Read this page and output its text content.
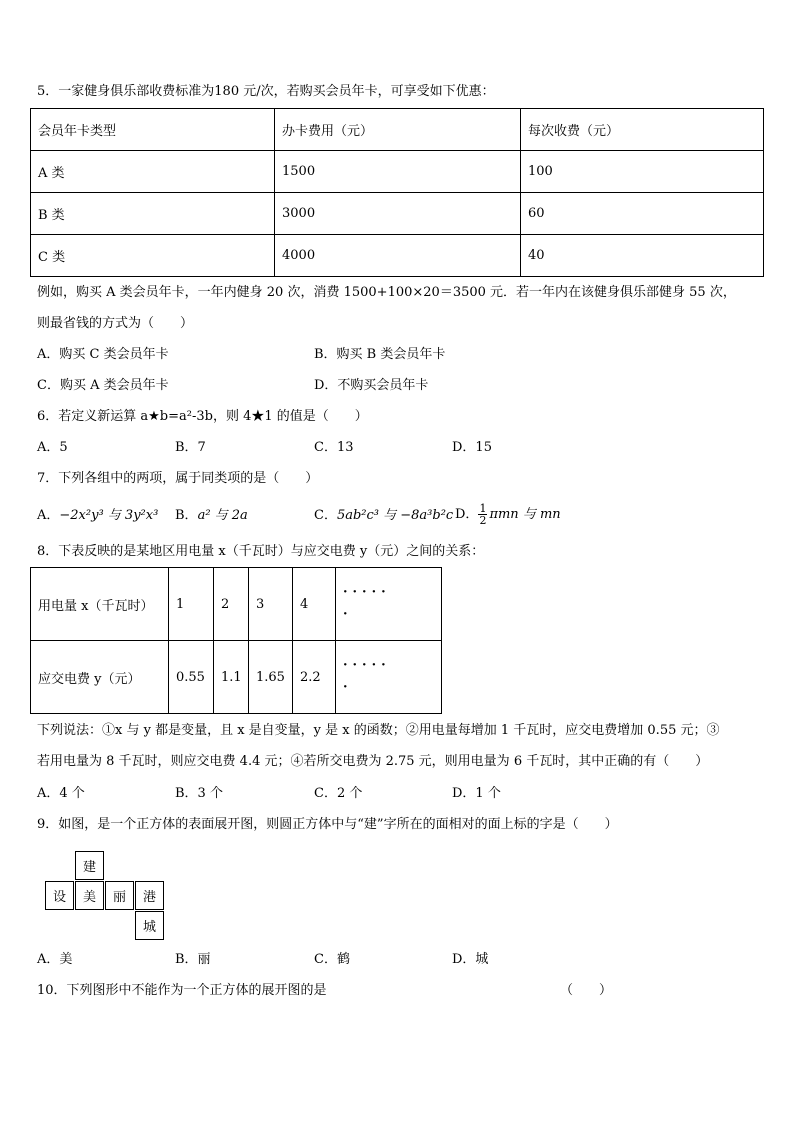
5．一家健身俱乐部收费标准为180 元/次，若购买会员年卡，可享受如下优惠：
会员年卡类型	办卡费用（元）	每次收费（元）
A 类	1500	100
B 类	3000	60
C 类	4000	40
例如，购买 A 类会员年卡，一年内健身 20 次，消费 1500+100×20＝3500 元．若一年内在该健身俱乐部健身 55 次，
则最省钱的方式为（　　）
A．购买 C 类会员年卡	B．购买 B 类会员年卡
C．购买 A 类会员年卡	D．不购买会员年卡
6．若定义新运算 a★b=a²-3b，则 4★1 的值是（　　）
A．5	B．7	C．13	D．15
7．下列各组中的两项，属于同类项的是（　　）
A．−2x²y³ 与 3y²x³ B．a² 与 2a	C．5ab²c³ 与 −8a³b²c D． $\frac{1}{2}$ πmn 与 mn
8．下表反映的是某地区用电量 x（千瓦时）与应交电费 y（元）之间的关系：
用电量 x（千瓦时）	1	2	3	4	·····
·

应交电费 y（元）	0.55	1.1	1.65	2.2	·····
·
下列说法：①x 与 y 都是变量，且 x 是自变量，y 是 x 的函数；②用电量每增加 1 千瓦时，应交电费增加 0.55 元；③
若用电量为 8 千瓦时，则应交电费 4.4 元；④若所交电费为 2.75 元，则用电量为 6 千瓦时，其中正确的有（　　）
A．4 个	B．3 个	C．2 个	D．1 个
9．如图，是一个正方体的表面展开图，则圆正方体中与“建”字所在的面相对的面上标的字是（　　）
建
设	美	丽	港
城
A．美	B．丽	C．鹤	D．城
10．下列图形中不能作为一个正方体的展开图的是	（　　）
